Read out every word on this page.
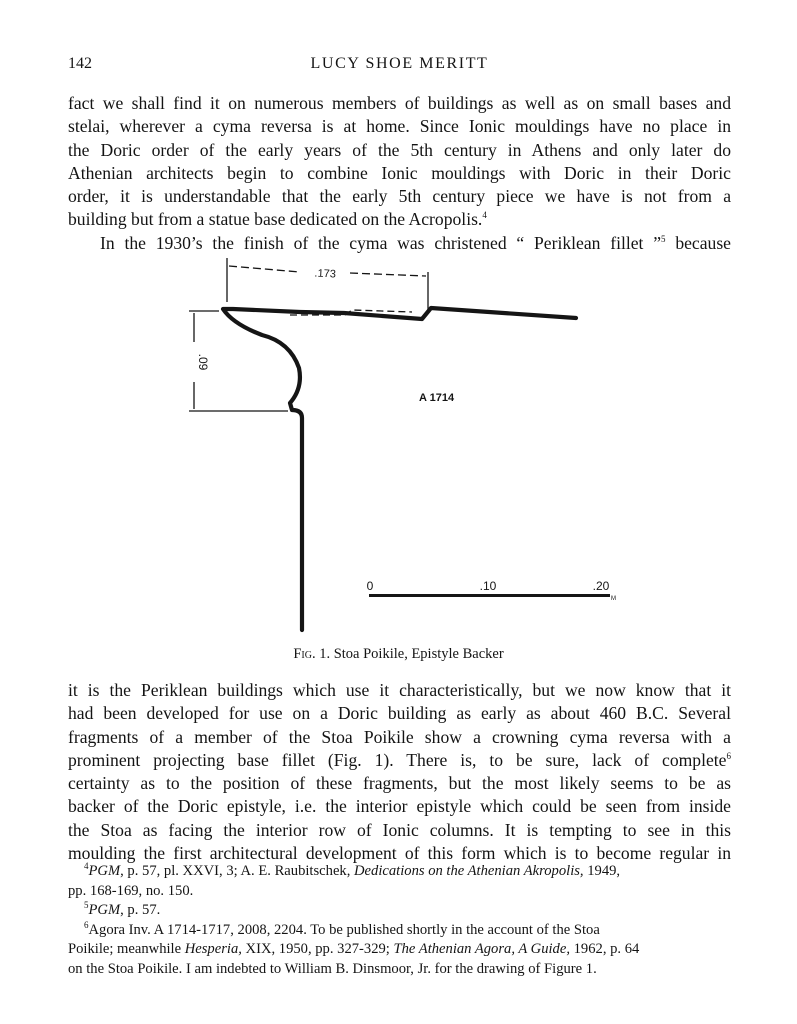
142	LUCY SHOE MERITT
fact we shall find it on numerous members of buildings as well as on small bases and
stelai, wherever a cyma reversa is at home. Since Ionic mouldings have no place in
the Doric order of the early years of the 5th century in Athens and only later do
Athenian architects begin to combine Ionic mouldings with Doric in their Doric
order, it is understandable that the early 5th century piece we have is not from a
building but from a statue base dedicated on the Acropolis.$^4$
In the 1930’s the finish of the cyma was christened “ Periklean fillet ”$^5$ because
.173
.09
A 1714
0	.10	.20
M
Fig. 1. Stoa Poikile, Epistyle Backer
it is the Periklean buildings which use it characteristically, but we now know that it
had been developed for use on a Doric building as early as about 460 B.C. Several
fragments of a member of the Stoa Poikile show a crowning cyma reversa with a
prominent projecting base fillet (Fig. 1). There is, to be sure, lack of complete$^6$
certainty as to the position of these fragments, but the most likely seems to be as
backer of the Doric epistyle, i.e. the interior epistyle which could be seen from inside
the Stoa as facing the interior row of Ionic columns. It is tempting to see in this
moulding the first architectural development of this form which is to become regular in
$^4$PGM, p. 57, pl. XXVI, 3; A. E. Raubitschek, Dedications on the Athenian Akropolis, 1949,
pp. 168-169, no. 150.
$^5$PGM, p. 57.
$^6$Agora Inv. A 1714-1717, 2008, 2204. To be published shortly in the account of the Stoa
Poikile; meanwhile Hesperia, XIX, 1950, pp. 327-329; The Athenian Agora, A Guide, 1962, p. 64
on the Stoa Poikile. I am indebted to William B. Dinsmoor, Jr. for the drawing of Figure 1.
